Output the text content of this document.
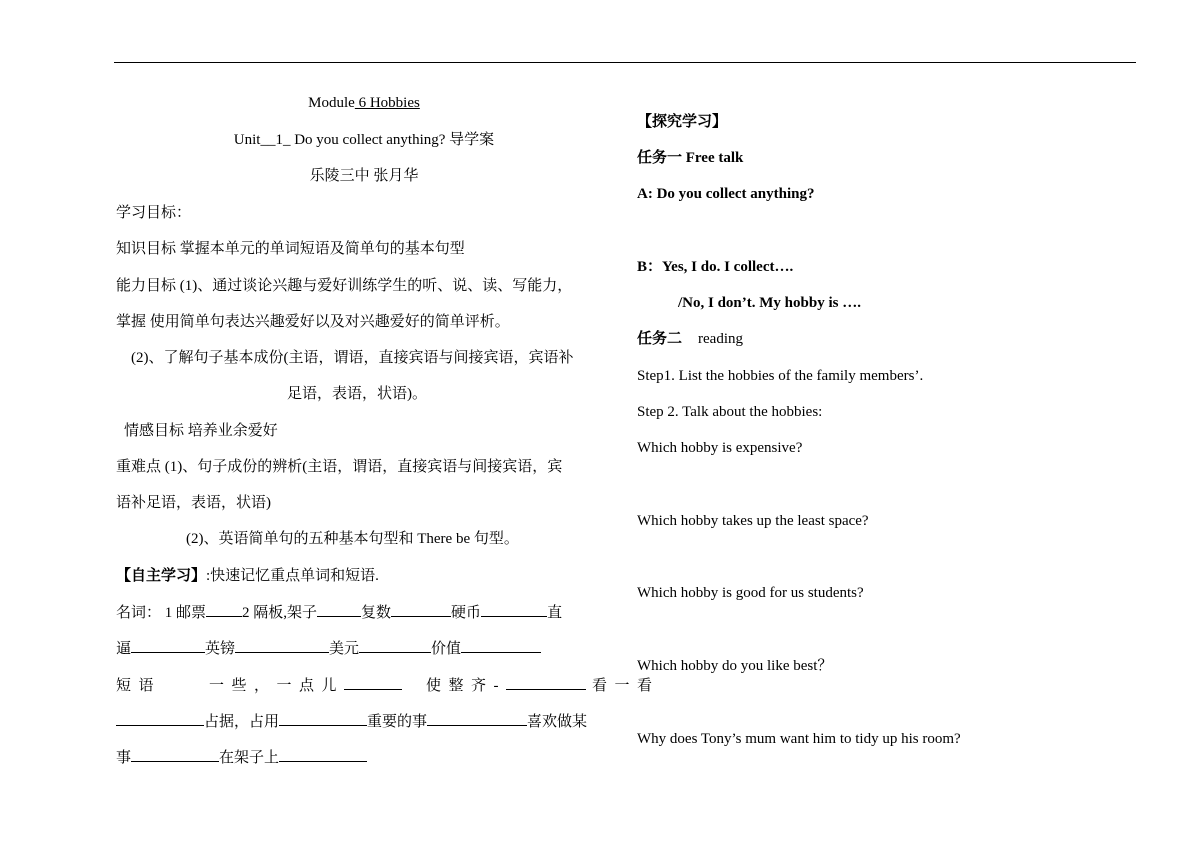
Module 6 Hobbies
Unit__1_ Do you collect anything? 导学案
乐陵三中 张月华
学习目标：
知识目标 掌握本单元的单词短语及简单句的基本句型
能力目标 (1)、通过谈论兴趣与爱好训练学生的听、说、读、写能力，
掌握 使用简单句表达兴趣爱好以及对兴趣爱好的简单评析。
(2)、了解句子基本成份(主语，谓语，直接宾语与间接宾语，宾语补
足语，表语，状语)。
情感目标 培养业余爱好
重难点 (1)、句子成份的辨析(主语，谓语，直接宾语与间接宾语，宾
语补足语，表语，状语)
(2)、英语简单句的五种基本句型和 There be 句型。
【自主学习】:快速记忆重点单词和短语.
名词： 1 邮票 2 隔板,架子	复数	硬币	直
逼	英镑	美元	价值
短语	一些，一点儿	使整齐-	看一看
占据，占用	重要的事	喜欢做某
事	在架子上
【探究学习】
任务一 Free talk
A: Do you collect anything?
B：Yes, I do. I collect….
/No, I don’t. My hobby is ….
任务二 reading
Step1. List the hobbies of the family members’.
Step 2. Talk about the hobbies:
Which hobby is expensive?
Which hobby takes up the least space?
Which hobby is good for us students?
Which hobby do you like best？
Why does Tony’s mum want him to tidy up his room?
